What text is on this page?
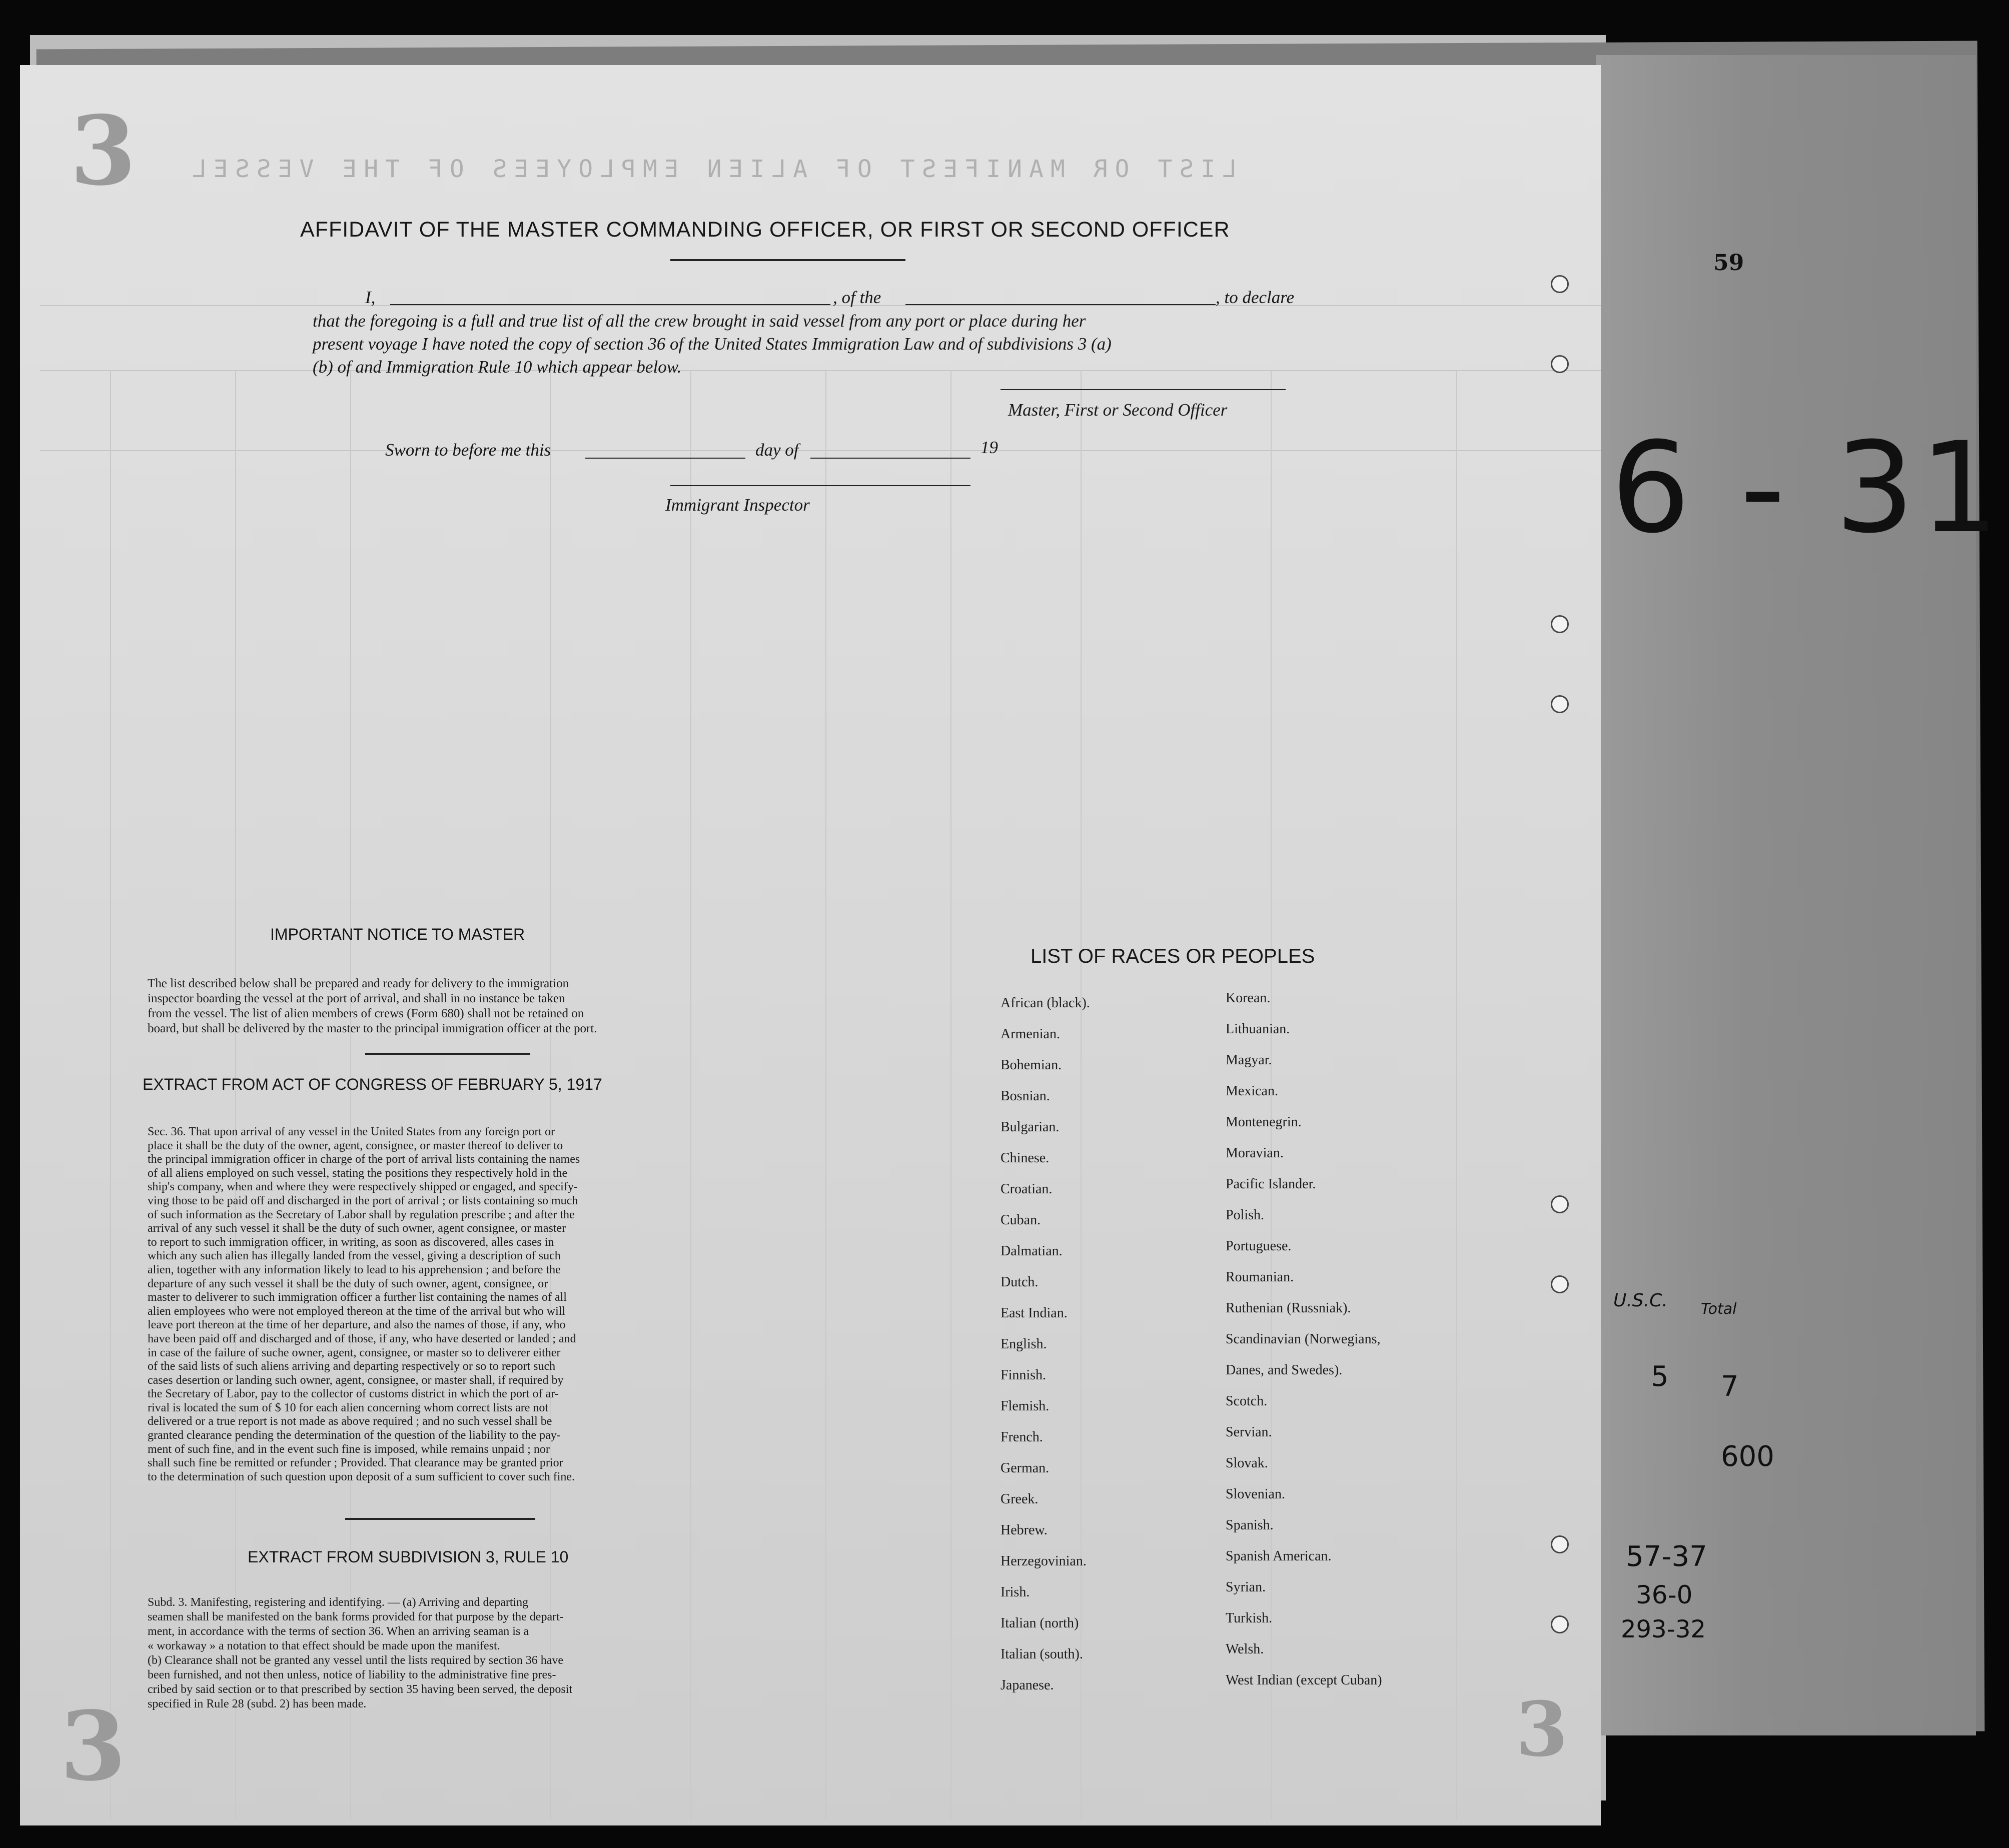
59
6 - 31
LIST OR MANIFEST OF ALIEN EMPLOYEES OF THE VESSEL
3
3	3
AFFIDAVIT OF THE MASTER COMMANDING OFFICER, OR FIRST OR SECOND OFFICER
I,	, of the	, to declare
that the foregoing is a full and true list of all the crew brought in said vessel from any port or place during her
present voyage I have noted the copy of section 36 of the United States Immigration Law and of subdivisions 3 (a)
(b) of and Immigration Rule 10 which appear below.
Master, First or Second Officer
Sworn to before me this	day of	19
Immigrant Inspector
IMPORTANT NOTICE TO MASTER
The list described below shall be prepared and ready for delivery to the immigration
inspector boarding the vessel at the port of arrival, and shall in no instance be taken
from the vessel. The list of alien members of crews (Form 680) shall not be retained on
board, but shall be delivered by the master to the principal immigration officer at the port.
EXTRACT FROM ACT OF CONGRESS OF FEBRUARY 5, 1917
Sec. 36. That upon arrival of any vessel in the United States from any foreign port or
place it shall be the duty of the owner, agent, consignee, or master thereof to deliver to
the principal immigration officer in charge of the port of arrival lists containing the names
of all aliens employed on such vessel, stating the positions they respectively hold in the
ship's company, when and where they were respectively shipped or engaged, and specify-
ving those to be paid off and discharged in the port of arrival ; or lists containing so much
of such information as the Secretary of Labor shall by regulation prescribe ; and after the
arrival of any such vessel it shall be the duty of such owner, agent consignee, or master
to report to such immigration officer, in writing, as soon as discovered, alles cases in
which any such alien has illegally landed from the vessel, giving a description of such
alien, together with any information likely to lead to his apprehension ; and before the
departure of any such vessel it shall be the duty of such owner, agent, consignee, or
master to deliverer to such immigration officer a further list containing the names of all
alien employees who were not employed thereon at the time of the arrival but who will
leave port thereon at the time of her departure, and also the names of those, if any, who
have been paid off and discharged and of those, if any, who have deserted or landed ; and
in case of the failure of suche owner, agent, consignee, or master so to deliverer either
of the said lists of such aliens arriving and departing respectively or so to report such
cases desertion or landing such owner, agent, consignee, or master shall, if required by
the Secretary of Labor, pay to the collector of customs district in which the port of ar-
rival is located the sum of $ 10 for each alien concerning whom correct lists are not
delivered or a true report is not made as above required ; and no such vessel shall be
granted clearance pending the determination of the question of the liability to the pay-
ment of such fine, and in the event such fine is imposed, while remains unpaid ; nor
shall such fine be remitted or refunder ; Provided. That clearance may be granted prior
to the determination of such question upon deposit of a sum sufficient to cover such fine.
EXTRACT FROM SUBDIVISION 3, RULE 10
Subd. 3. Manifesting, registering and identifying. — (a) Arriving and departing
seamen shall be manifested on the bank forms provided for that purpose by the depart-
ment, in accordance with the terms of section 36. When an arriving seaman is a
« workaway » a notation to that effect should be made upon the manifest.
(b) Clearance shall not be granted any vessel until the lists required by section 36 have
been furnished, and not then unless, notice of liability to the administrative fine pres-
cribed by said section or to that prescribed by section 35 having been served, the deposit
specified in Rule 28 (subd. 2) has been made.
LIST OF RACES OR PEOPLES
African (black).
Armenian.
Bohemian.
Bosnian.
Bulgarian.
Chinese.
Croatian.
Cuban.
Dalmatian.
Dutch.
East Indian.
English.
Finnish.
Flemish.
French.
German.
Greek.
Hebrew.
Herzegovinian.
Irish.
Italian (north)
Italian (south).
Japanese.
Korean.
Lithuanian.
Magyar.
Mexican.
Montenegrin.
Moravian.
Pacific Islander.
Polish.
Portuguese.
Roumanian.
Ruthenian (Russniak).
Scandinavian (Norwegians,
Danes, and Swedes).
Scotch.
Servian.
Slovak.
Slovenian.
Spanish.
Spanish American.
Syrian.
Turkish.
Welsh.
West Indian (except Cuban)
U.S.C. Total
5 7
600
57-37
36-0
293-32
